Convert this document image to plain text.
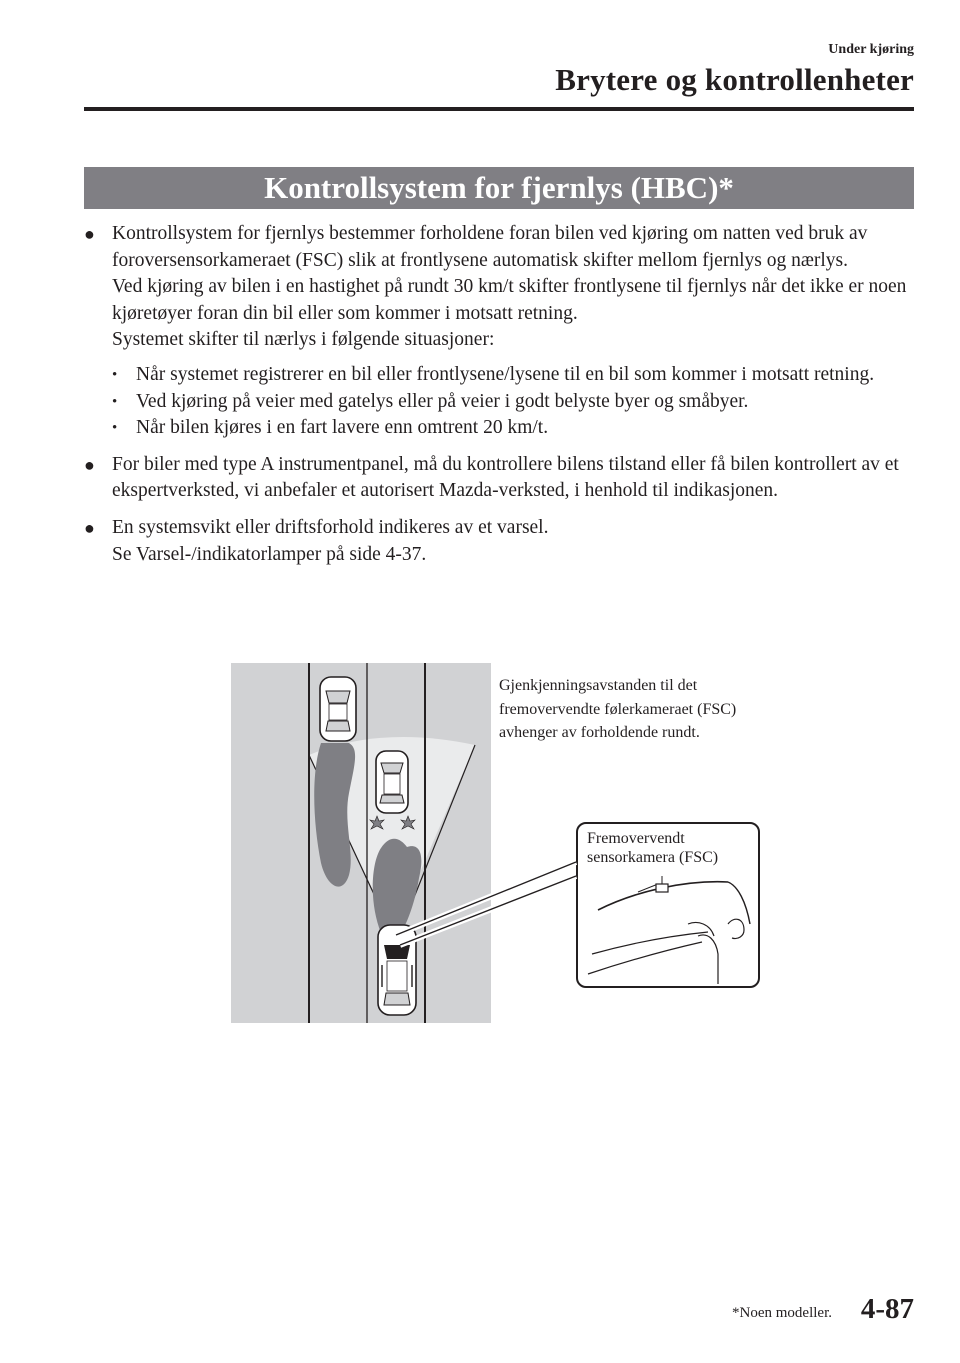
Under kjøring
Brytere og kontrollenheter
Kontrollsystem for fjernlys (HBC)*
● Kontrollsystem for fjernlys bestemmer forholdene foran bilen ved kjøring om natten ved bruk av foroversensorkameraet (FSC) slik at frontlysene automatisk skifter mellom fjernlys og nærlys.

Ved kjøring av bilen i en hastighet på rundt 30 km/t skifter frontlysene til fjernlys når det ikke er noen kjøretøyer foran din bil eller som kommer i motsatt retning.

Systemet skifter til nærlys i følgende situasjoner:

• Når systemet registrerer en bil eller frontlysene/lysene til en bil som kommer i motsatt retning.
• Ved kjøring på veier med gatelys eller på veier i godt belyste byer og småbyer.
• Når bilen kjøres i en fart lavere enn omtrent 20 km/t.
● For biler med type A instrumentpanel, må du kontrollere bilens tilstand eller få bilen kontrollert av et ekspertverksted, vi anbefaler et autorisert Mazda-verksted, i henhold til indikasjonen.

● En systemsvikt eller driftsforhold indikeres av et varsel.

Se Varsel-/indikatorlamper på side 4-37.

Gjenkjenningsavstanden til det fremovervendte følerkameraet (FSC) avhenger av forholdende rundt.
Fremovervendt
sensorkamera (FSC)
*Noen modeller. 4-87
